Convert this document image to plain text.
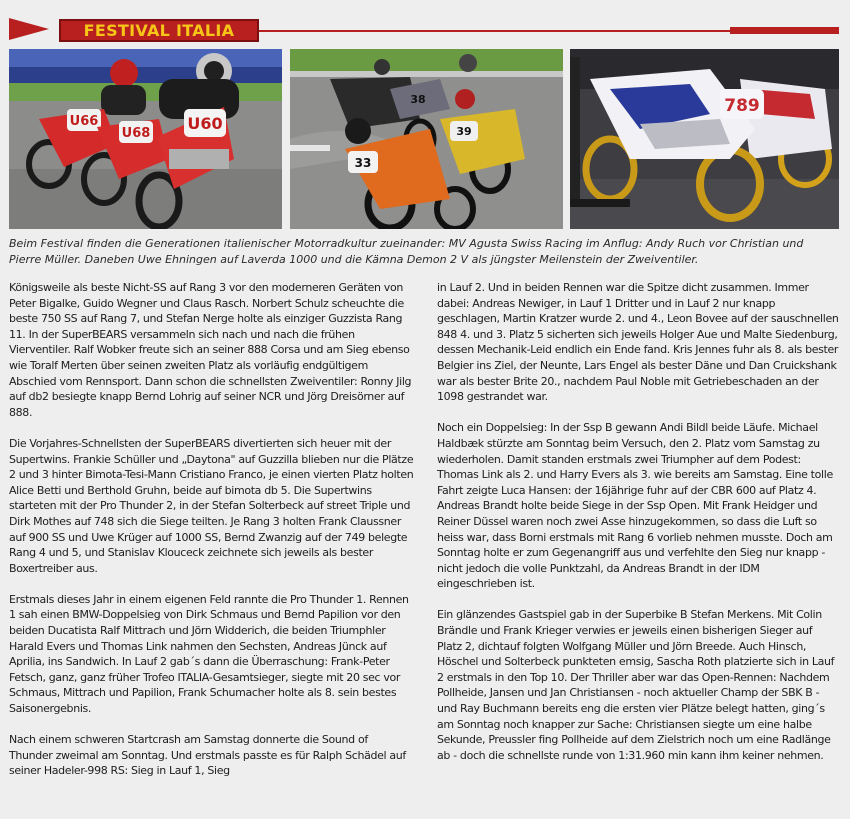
FESTIVAL ITALIA
U66
U68
U60
38
39
33
789

Beim Festival finden die Generationen italienischer Motorradkultur zueinander: MV Agusta Swiss Racing im Anflug: Andy Ruch vor Christian und Pierre Müller. Daneben Uwe Ehningen auf Laverda 1000 und die Kämna Demon 2 V als jüngster Meilenstein der Zweiventiler.

Königsweile als beste Nicht-SS auf Rang 3 vor den moderneren Geräten von Peter Bigalke, Guido Wegner und Claus Rasch. Norbert Schulz scheuchte die beste 750 SS auf Rang 7, und Stefan Nerge holte als einziger Guzzista Rang 11. In der SuperBEARS versammeln sich nach und nach die frühen Vierventiler. Ralf Wobker freute sich an seiner 888 Corsa und am Sieg ebenso wie Toralf Merten über seinen zweiten Platz als vorläufig endgültigem Abschied vom Rennsport. Dann schon die schnellsten Zweiventiler: Ronny Jilg auf db2 besiegte knapp Bernd Lohrig auf seiner NCR und Jörg Dreisörner auf 888.

Die Vorjahres-Schnellsten der SuperBEARS divertierten sich heuer mit der Supertwins. Frankie Schüller und „Daytona" auf Guzzilla blieben nur die Plätze 2 und 3 hinter Bimota-Tesi-Mann Cristiano Franco, je einen vierten Platz holten Alice Betti und Berthold Gruhn, beide auf bimota db 5. Die Supertwins starteten mit der Pro Thunder 2, in der Stefan Solterbeck auf street Triple und Dirk Mothes auf 748 sich die Siege teilten. Je Rang 3 holten Frank Claussner auf 900 SS und Uwe Krüger auf 1000 SS, Bernd Zwanzig auf der 749 belegte Rang 4 und 5, und Stanislav Klouceck zeichnete sich jeweils als bester Boxertreiber aus.

Erstmals dieses Jahr in einem eigenen Feld rannte die Pro Thunder 1. Rennen 1 sah einen BMW-Doppelsieg von Dirk Schmaus und Bernd Papilion vor den beiden Ducatista Ralf Mittrach und Jörn Widderich, die beiden Triumphler Harald Evers und Thomas Link nahmen den Sechsten, Andreas Jünck auf Aprilia, ins Sandwich. In Lauf 2 gab´s dann die Überraschung: Frank-Peter Fetsch, ganz, ganz früher Trofeo ITALIA-Gesamtsieger, siegte mit 20 sec vor Schmaus, Mittrach und Papilion, Frank Schumacher holte als 8. sein bestes Saisonergebnis.

Nach einem schweren Startcrash am Samstag donnerte die Sound of Thunder zweimal am Sonntag. Und erstmals passte es für Ralph Schädel auf seiner Hadeler-998 RS: Sieg in Lauf 1, Sieg

in Lauf 2. Und in beiden Rennen war die Spitze dicht zusammen. Immer dabei: Andreas Newiger, in Lauf 1 Dritter und in Lauf 2 nur knapp geschlagen, Martin Kratzer wurde 2. und 4., Leon Bovee auf der sauschnellen 848 4. und 3. Platz 5 sicherten sich jeweils Holger Aue und Malte Siedenburg, dessen Mechanik-Leid endlich ein Ende fand. Kris Jennes fuhr als 8. als bester Belgier ins Ziel, der Neunte, Lars Engel als bester Däne und Dan Cruickshank war als bester Brite 20., nachdem Paul Noble mit Getriebeschaden an der 1098 gestrandet war.

Noch ein Doppelsieg: In der Ssp B gewann Andi Bildl beide Läufe. Michael Haldbæk stürzte am Sonntag beim Versuch, den 2. Platz vom Samstag zu wiederholen. Damit standen erstmals zwei Triumpher auf dem Podest: Thomas Link als 2. und Harry Evers als 3. wie bereits am Samstag. Eine tolle Fahrt zeigte Luca Hansen: der 16jährige fuhr auf der CBR 600 auf Platz 4. Andreas Brandt holte beide Siege in der Ssp Open. Mit Frank Heidger und Reiner Düssel waren noch zwei Asse hinzugekommen, so dass die Luft so heiss war, dass Borni erstmals mit Rang 6 vorlieb nehmen musste. Doch am Sonntag holte er zum Gegenangriff aus und verfehlte den Sieg nur knapp - nicht jedoch die volle Punktzahl, da Andreas Brandt in der IDM eingeschrieben ist.

Ein glänzendes Gastspiel gab in der Superbike B Stefan Merkens. Mit Colin Brändle und Frank Krieger verwies er jeweils einen bisherigen Sieger auf Platz 2, dichtauf folgten Wolfgang Müller und Jörn Breede. Auch Hinsch, Höschel und Solterbeck punkteten emsig, Sascha Roth platzierte sich in Lauf 2 erstmals in den Top 10. Der Thriller aber war das Open-Rennen: Nachdem Pollheide, Jansen und Jan Christiansen - noch aktueller Champ der SBK B - und Ray Buchmann bereits eng die ersten vier Plätze belegt hatten, ging´s am Sonntag noch knapper zur Sache: Christiansen siegte um eine halbe Sekunde, Preussler fing Pollheide auf dem Zielstrich noch um eine Radlänge ab - doch die schnellste runde von 1:31.960 min kann ihm keiner nehmen.
